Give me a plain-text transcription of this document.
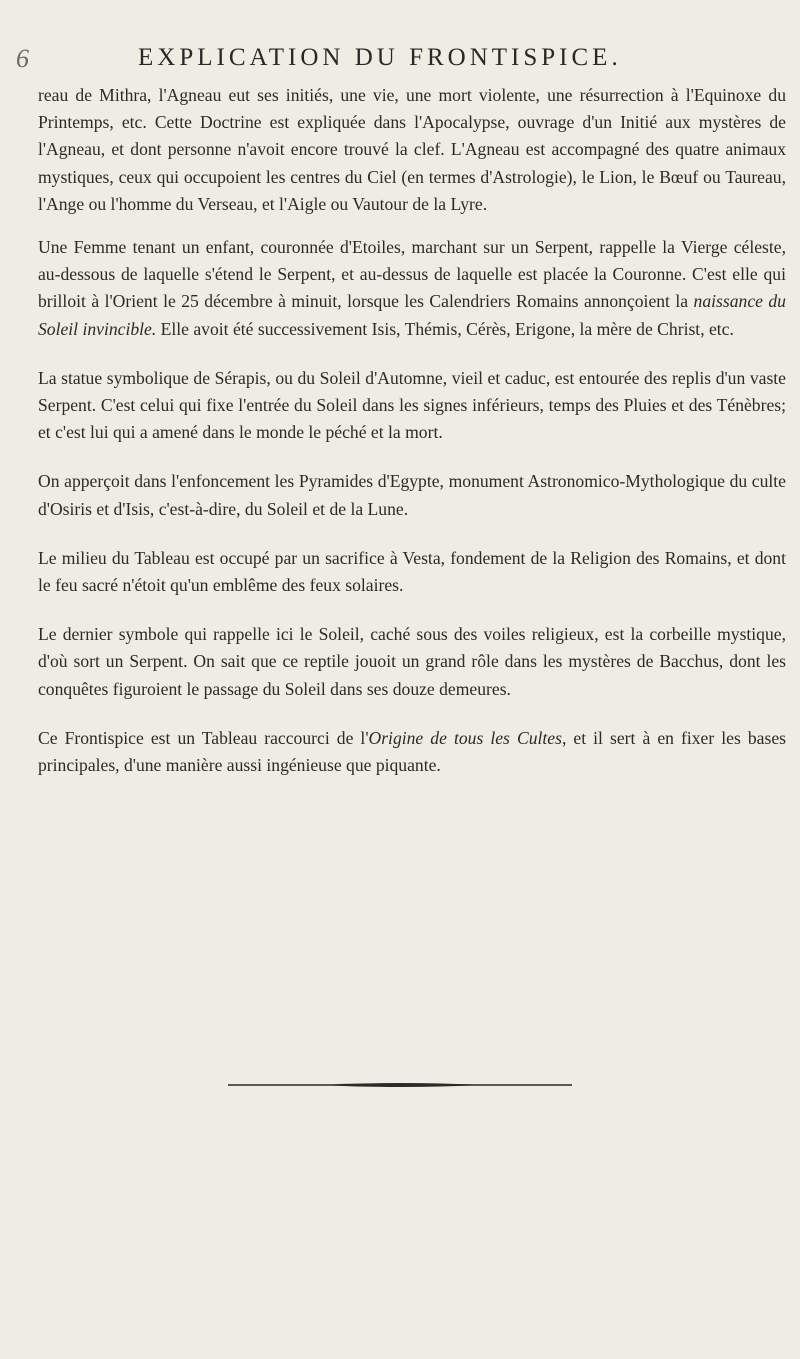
6	EXPLICATION DU FRONTISPICE.

reau de Mithra, l'Agneau eut ses initiés, une vie, une mort violente, une résurrection à l'Equinoxe du Printemps, etc. Cette Doctrine est expliquée dans l'Apocalypse, ouvrage d'un Initié aux mystères de l'Agneau, et dont personne n'avoit encore trouvé la clef. L'Agneau est accompagné des quatre animaux mystiques, ceux qui occupoient les centres du Ciel (en termes d'Astrologie), le Lion, le Bœuf ou Taureau, l'Ange ou l'homme du Verseau, et l'Aigle ou Vautour de la Lyre.

Une Femme tenant un enfant, couronnée d'Etoiles, marchant sur un Serpent, rappelle la Vierge céleste, au-dessous de laquelle s'étend le Serpent, et au-dessus de laquelle est placée la Couronne. C'est elle qui brilloit à l'Orient le 25 décembre à minuit, lorsque les Calendriers Romains annonçoient la naissance du Soleil invincible. Elle avoit été successivement Isis, Thémis, Cérès, Erigone, la mère de Christ, etc.

La statue symbolique de Sérapis, ou du Soleil d'Automne, vieil et caduc, est entourée des replis d'un vaste Serpent. C'est celui qui fixe l'entrée du Soleil dans les signes inférieurs, temps des Pluies et des Ténèbres; et c'est lui qui a amené dans le monde le péché et la mort.

On apperçoit dans l'enfoncement les Pyramides d'Egypte, monument Astronomico-Mythologique du culte d'Osiris et d'Isis, c'est-à-dire, du Soleil et de la Lune.

Le milieu du Tableau est occupé par un sacrifice à Vesta, fondement de la Religion des Romains, et dont le feu sacré n'étoit qu'un emblême des feux solaires.

Le dernier symbole qui rappelle ici le Soleil, caché sous des voiles religieux, est la corbeille mystique, d'où sort un Serpent. On sait que ce reptile jouoit un grand rôle dans les mystères de Bacchus, dont les conquêtes figuroient le passage du Soleil dans ses douze demeures.

Ce Frontispice est un Tableau raccourci de l'Origine de tous les Cultes, et il sert à en fixer les bases principales, d'une manière aussi ingénieuse que piquante.
